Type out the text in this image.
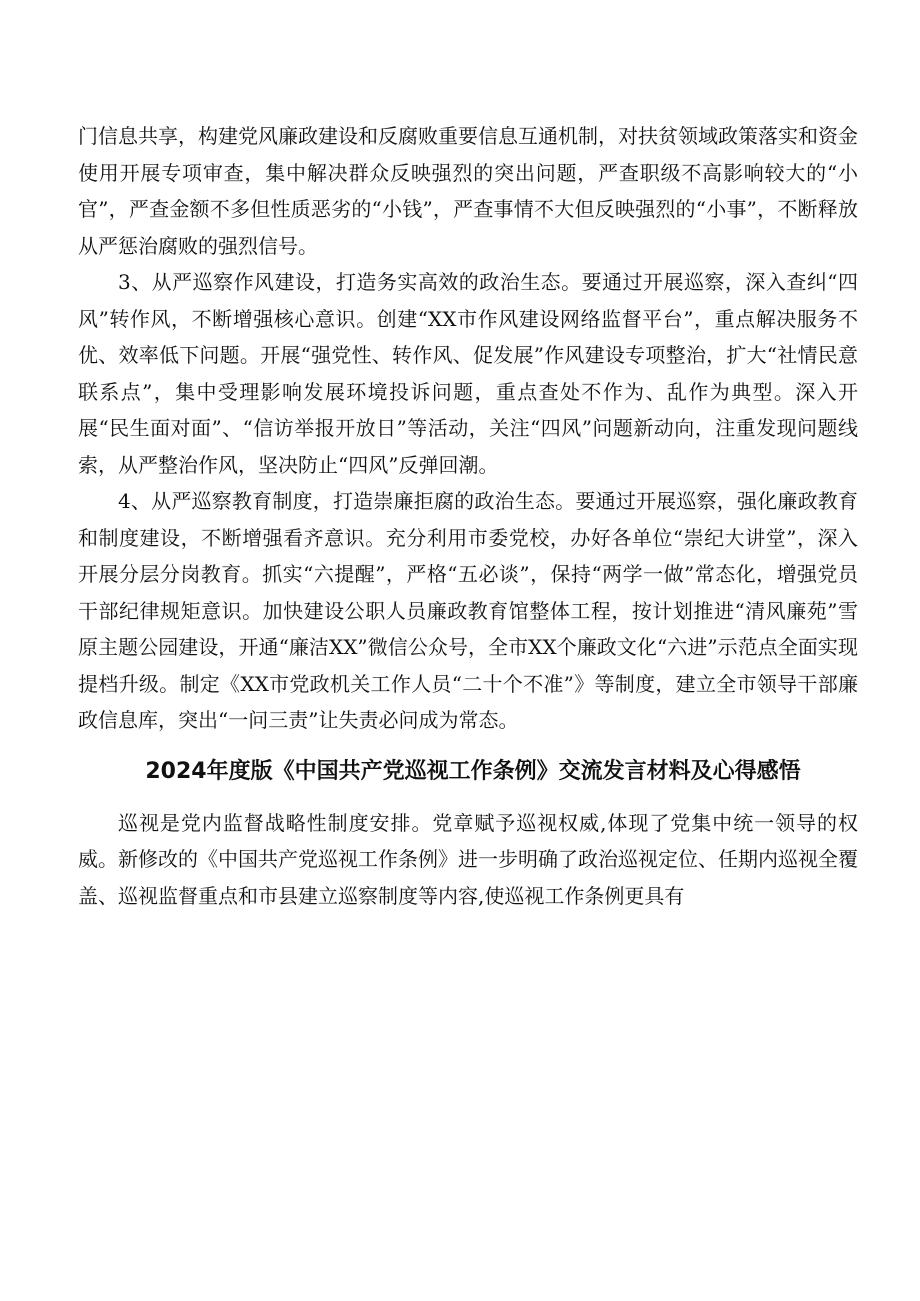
门信息共享，构建党风廉政建设和反腐败重要信息互通机制，对扶贫领域政策落实和资金使用开展专项审查，集中解决群众反映强烈的突出问题，严查职级不高影响较大的“小官”，严查金额不多但性质恶劣的“小钱”，严查事情不大但反映强烈的“小事”，不断释放从严惩治腐败的强烈信号。

3、从严巡察作风建设，打造务实高效的政治生态。要通过开展巡察，深入查纠“四风”转作风，不断增强核心意识。创建“XX市作风建设网络监督平台”，重点解决服务不优、效率低下问题。开展“强党性、转作风、促发展”作风建设专项整治，扩大“社情民意联系点”，集中受理影响发展环境投诉问题，重点查处不作为、乱作为典型。深入开展“民生面对面”、“信访举报开放日”等活动，关注“四风”问题新动向，注重发现问题线索，从严整治作风，坚决防止“四风”反弹回潮。

4、从严巡察教育制度，打造崇廉拒腐的政治生态。要通过开展巡察，强化廉政教育和制度建设，不断增强看齐意识。充分利用市委党校，办好各单位“崇纪大讲堂”，深入开展分层分岗教育。抓实“六提醒”，严格“五必谈”，保持“两学一做”常态化，增强党员干部纪律规矩意识。加快建设公职人员廉政教育馆整体工程，按计划推进“清风廉苑”雪原主题公园建设，开通“廉洁XX”微信公众号，全市XX个廉政文化“六进”示范点全面实现提档升级。制定《XX市党政机关工作人员“二十个不准”》等制度，建立全市领导干部廉政信息库，突出“一问三责”让失责必问成为常态。

2024年度版《中国共产党巡视工作条例》交流发言材料及心得感悟

巡视是党内监督战略性制度安排。党章赋予巡视权威,体现了党集中统一领导的权威。新修改的《中国共产党巡视工作条例》进一步明确了政治巡视定位、任期内巡视全覆盖、巡视监督重点和市县建立巡察制度等内容,使巡视工作条例更具有
